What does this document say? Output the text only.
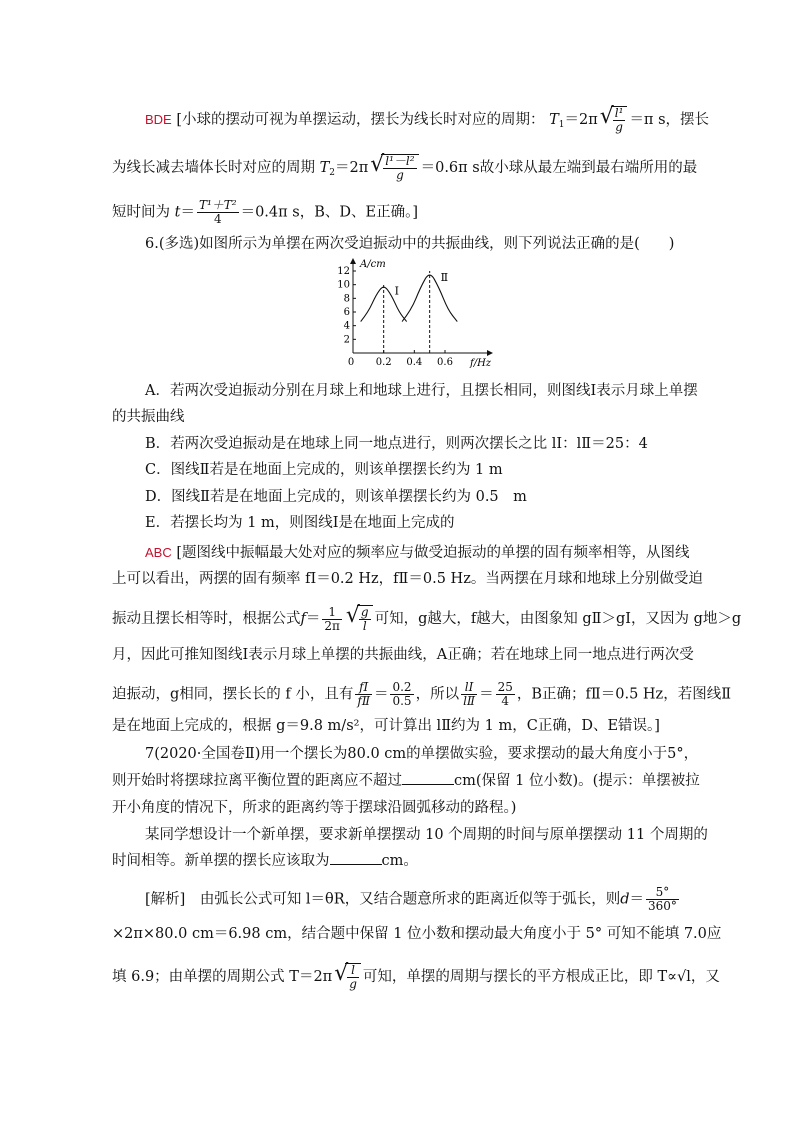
BDE [小球的摆动可视为单摆运动，摆长为线长时对应的周期： $T_1=2\pi$ √ $\frac{\text{l¹}}{g} =\pi$ s，摆长
为线长减去墙体长时对应的周期 $T_2=2\pi$ √ $\frac{\text{l¹－l²}}{g} =0.6\pi$ s故小球从最左端到最右端所用的最
短时间为 $t= \frac{\text{T¹＋T²}}{4} =0.4\pi$ s，B、D、E正确。]
6.(多选)如图所示为单摆在两次受迫振动中的共振曲线，则下列说法正确的是(　　)
A/cm
f/Hz
2
4
6
8
10
12
0 0.2 0.4 0.6
Ⅰ
Ⅱ
A．若两次受迫振动分别在月球上和地球上进行，且摆长相同，则图线Ⅰ表示月球上单摆
的共振曲线
B．若两次受迫振动是在地球上同一地点进行，则两次摆长之比 lⅠ：lⅡ＝25：4
C．图线Ⅱ若是在地面上完成的，则该单摆摆长约为 1 m
D．图线Ⅱ若是在地面上完成的，则该单摆摆长约为 0.5　m
E．若摆长均为 1 m，则图线Ⅰ是在地面上完成的
ABC [题图线中振幅最大处对应的频率应与做受迫振动的单摆的固有频率相等，从图线
上可以看出，两摆的固有频率 fⅠ＝0.2 Hz，fⅡ＝0.5 Hz。当两摆在月球和地球上分别做受迫
振动且摆长相等时，根据公式$f= \frac{1}{2\pi}$ √ $\frac{g}{l}$ 可知，g越大，f越大，由图象知 gⅡ＞gⅠ，又因为 g地＞g
月，因此可推知图线Ⅰ表示月球上单摆的共振曲线，A正确；若在地球上同一地点进行两次受
迫振动，g相同，摆长长的 f 小，且有 $\frac{\text{fⅠ}}{\text{fⅡ}} = \frac{0.2}{0.5}$ ，所以 $\frac{\text{lⅠ}}{\text{lⅡ}} = \frac{25}{4}$ ，B正确；fⅡ＝0.5 Hz，若图线Ⅱ
是在地面上完成的，根据 g＝9.8 m/s²，可计算出 lⅡ约为 1 m，C正确，D、E错误。]
7(2020·全国卷Ⅱ)用一个摆长为80.0 cm的单摆做实验，要求摆动的最大角度小于5°，
则开始时将摆球拉离平衡位置的距离应不超过	cm(保留 1 位小数)。(提示：单摆被拉
开小角度的情况下，所求的距离约等于摆球沿圆弧移动的路程。)
某同学想设计一个新单摆，要求新单摆摆动 10 个周期的时间与原单摆摆动 11 个周期的
时间相等。新单摆的摆长应该取为	cm。
[解析]　由弧长公式可知 l＝θR，又结合题意所求的距离近似等于弧长，则$d= \frac{5^\circ}{360^\circ}$
×2π×80.0 cm＝6.98 cm，结合题中保留 1 位小数和摆动最大角度小于 5° 可知不能填 7.0应
填 6.9；由单摆的周期公式 T＝2π √ $\frac{l}{g}$ 可知，单摆的周期与摆长的平方根成正比，即 T∝√l，又
